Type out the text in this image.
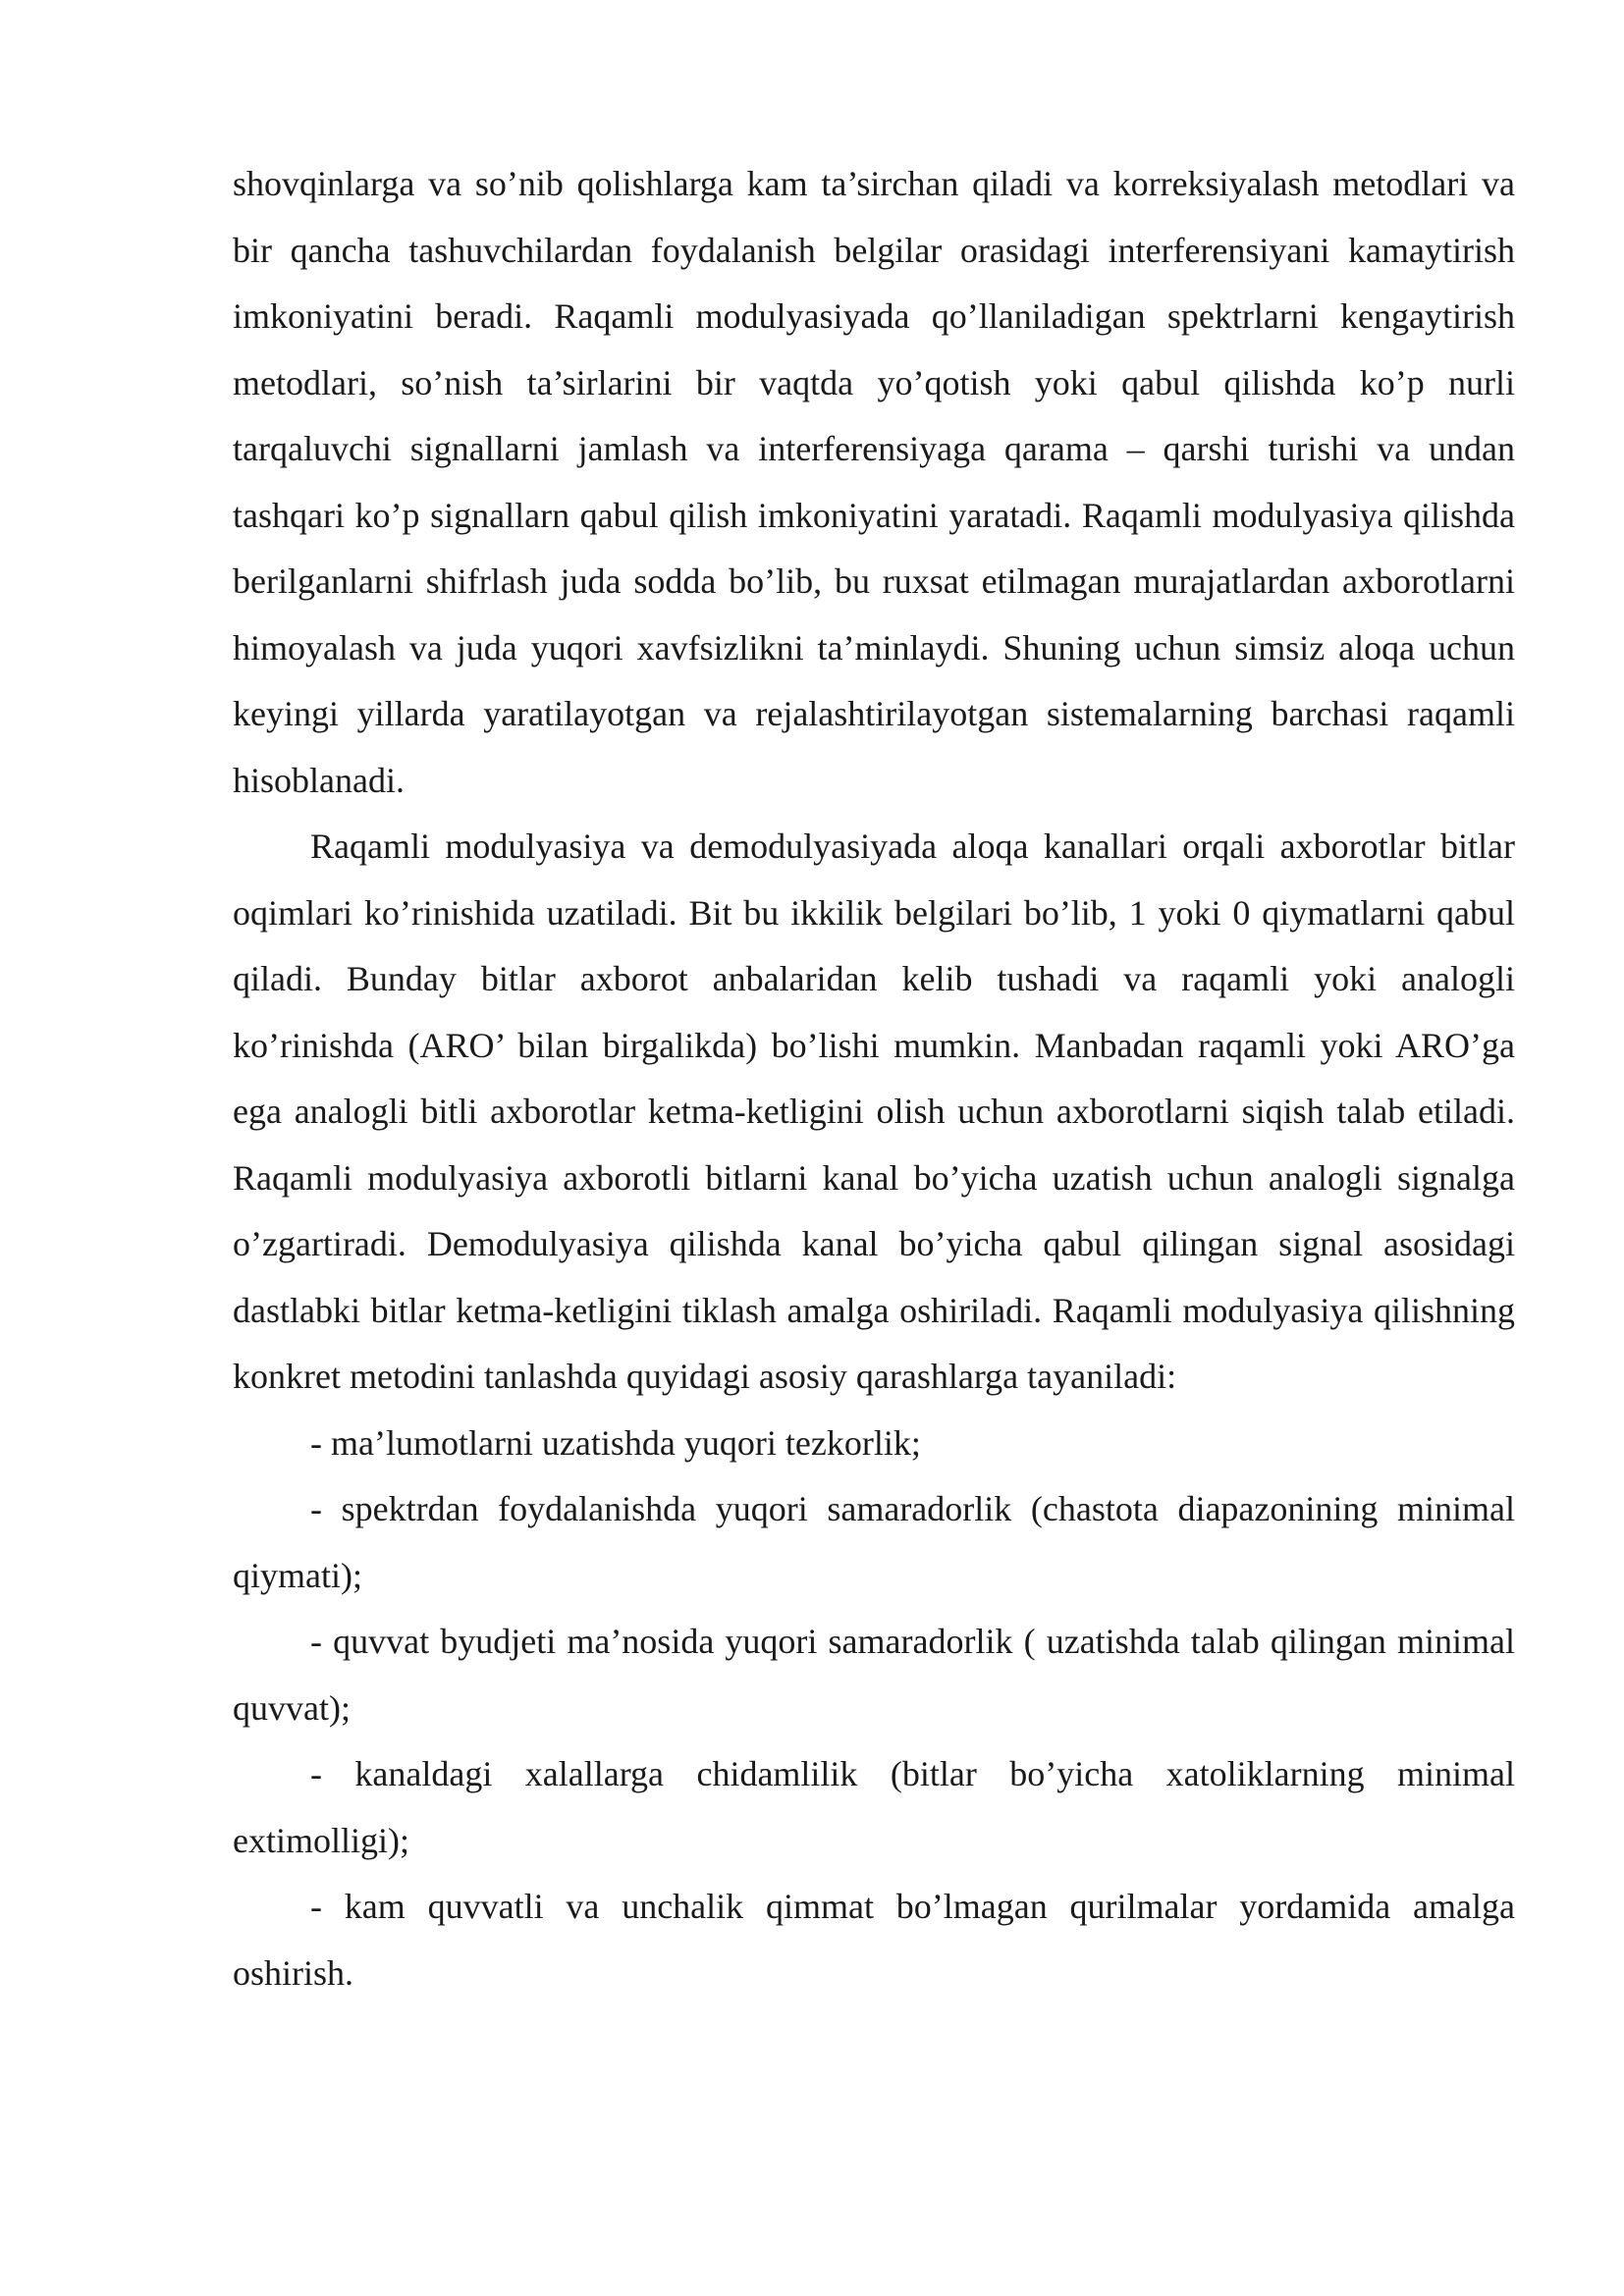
shovqinlarga va so’nib qolishlarga kam ta’sirchan qiladi va korreksiyalash metodlari va bir qancha tashuvchilardan foydalanish belgilar orasidagi interferensiyani kamaytirish imkoniyatini beradi. Raqamli modulyasiyada qo’llaniladigan spektrlarni kengaytirish metodlari, so’nish ta’sirlarini bir vaqtda yo’qotish yoki qabul qilishda ko’p nurli tarqaluvchi signallarni jamlash va interferensiyaga qarama – qarshi turishi va undan tashqari ko’p signallarn qabul qilish imkoniyatini yaratadi. Raqamli modulyasiya qilishda berilganlarni shifrlash juda sodda bo’lib, bu ruxsat etilmagan murajatlardan axborotlarni himoyalash va juda yuqori xavfsizlikni ta’minlaydi. Shuning uchun simsiz aloqa uchun keyingi yillarda yaratilayotgan va rejalashtirilayotgan sistemalarning barchasi raqamli hisoblanadi.

Raqamli modulyasiya va demodulyasiyada aloqa kanallari orqali axborotlar bitlar oqimlari ko’rinishida uzatiladi. Bit bu ikkilik belgilari bo’lib, 1 yoki 0 qiymatlarni qabul qiladi. Bunday bitlar axborot anbalaridan kelib tushadi va raqamli yoki analogli ko’rinishda (ARO’ bilan birgalikda) bo’lishi mumkin. Manbadan raqamli yoki ARO’ga ega analogli bitli axborotlar ketma-ketligini olish uchun axborotlarni siqish talab etiladi. Raqamli modulyasiya axborotli bitlarni kanal bo’yicha uzatish uchun analogli signalga o’zgartiradi. Demodulyasiya qilishda kanal bo’yicha qabul qilingan signal asosidagi dastlabki bitlar ketma-ketligini tiklash amalga oshiriladi. Raqamli modulyasiya qilishning konkret metodini tanlashda quyidagi asosiy qarashlarga tayaniladi:

- ma’lumotlarni uzatishda yuqori tezkorlik;

- spektrdan foydalanishda yuqori samaradorlik (chastota diapazonining minimal qiymati);

- quvvat byudjeti ma’nosida yuqori samaradorlik ( uzatishda talab qilingan minimal quvvat);

- kanaldagi xalallarga chidamlilik (bitlar bo’yicha xatoliklarning minimal extimolligi);

- kam quvvatli va unchalik qimmat bo’lmagan qurilmalar yordamida amalga oshirish.
